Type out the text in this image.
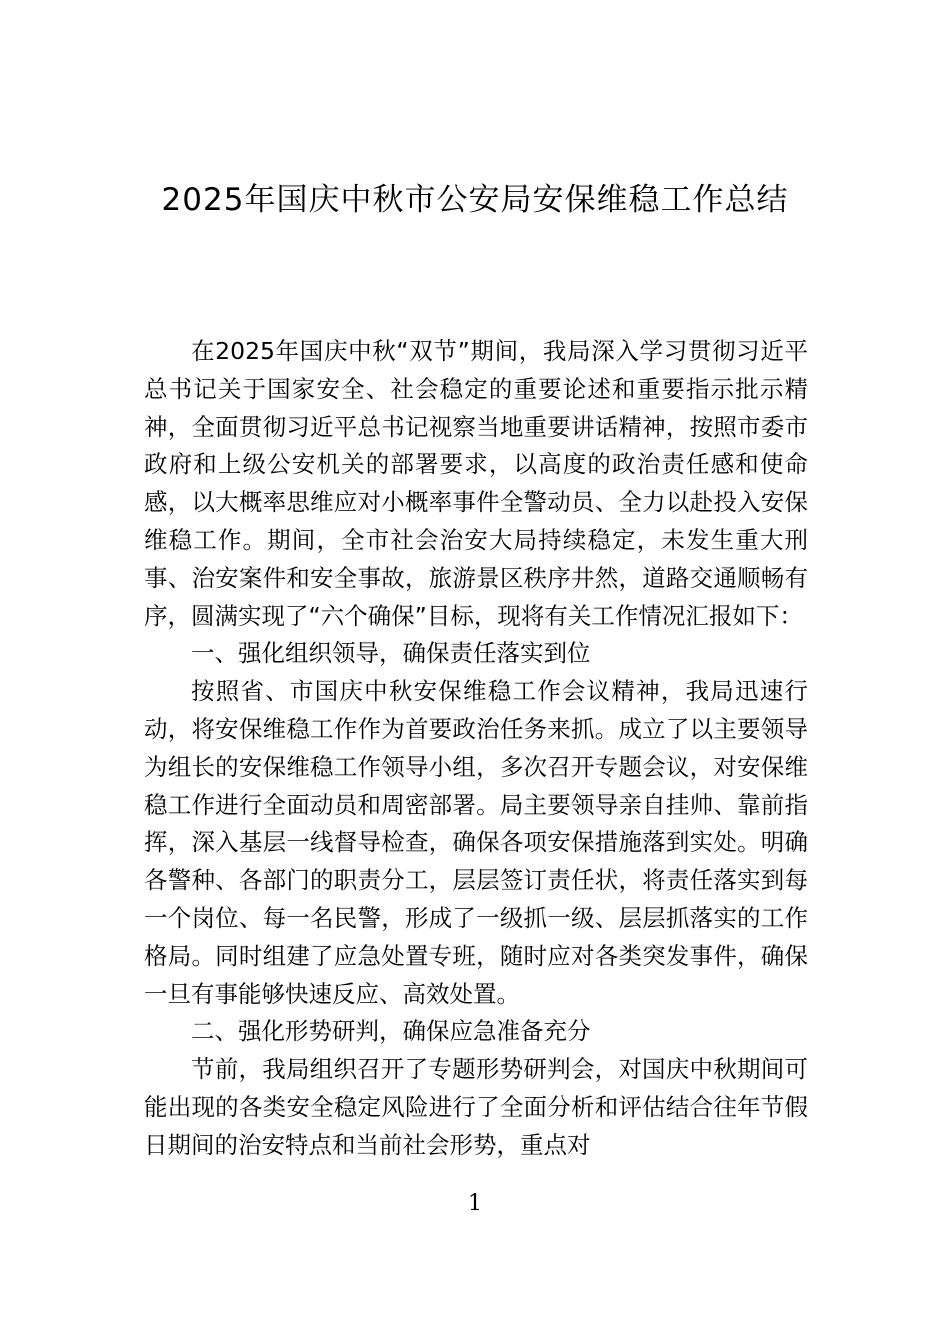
2025年国庆中秋市公安局安保维稳工作总结

在2025年国庆中秋“双节”期间，我局深入学习贯彻习近平总书记关于国家安全、社会稳定的重要论述和重要指示批示精神，全面贯彻习近平总书记视察当地重要讲话精神，按照市委市政府和上级公安机关的部署要求，以高度的政治责任感和使命感，以大概率思维应对小概率事件全警动员、全力以赴投入安保维稳工作。期间，全市社会治安大局持续稳定，未发生重大刑事、治安案件和安全事故，旅游景区秩序井然，道路交通顺畅有序，圆满实现了“六个确保”目标，现将有关工作情况汇报如下：

一、强化组织领导，确保责任落实到位

按照省、市国庆中秋安保维稳工作会议精神，我局迅速行动，将安保维稳工作作为首要政治任务来抓。成立了以主要领导为组长的安保维稳工作领导小组，多次召开专题会议，对安保维稳工作进行全面动员和周密部署。局主要领导亲自挂帅、靠前指挥，深入基层一线督导检查，确保各项安保措施落到实处。明确各警种、各部门的职责分工，层层签订责任状，将责任落实到每一个岗位、每一名民警，形成了一级抓一级、层层抓落实的工作格局。同时组建了应急处置专班，随时应对各类突发事件，确保一旦有事能够快速反应、高效处置。

二、强化形势研判，确保应急准备充分

节前，我局组织召开了专题形势研判会，对国庆中秋期间可能出现的各类安全稳定风险进行了全面分析和评估结合往年节假日期间的治安特点和当前社会形势，重点对

1
